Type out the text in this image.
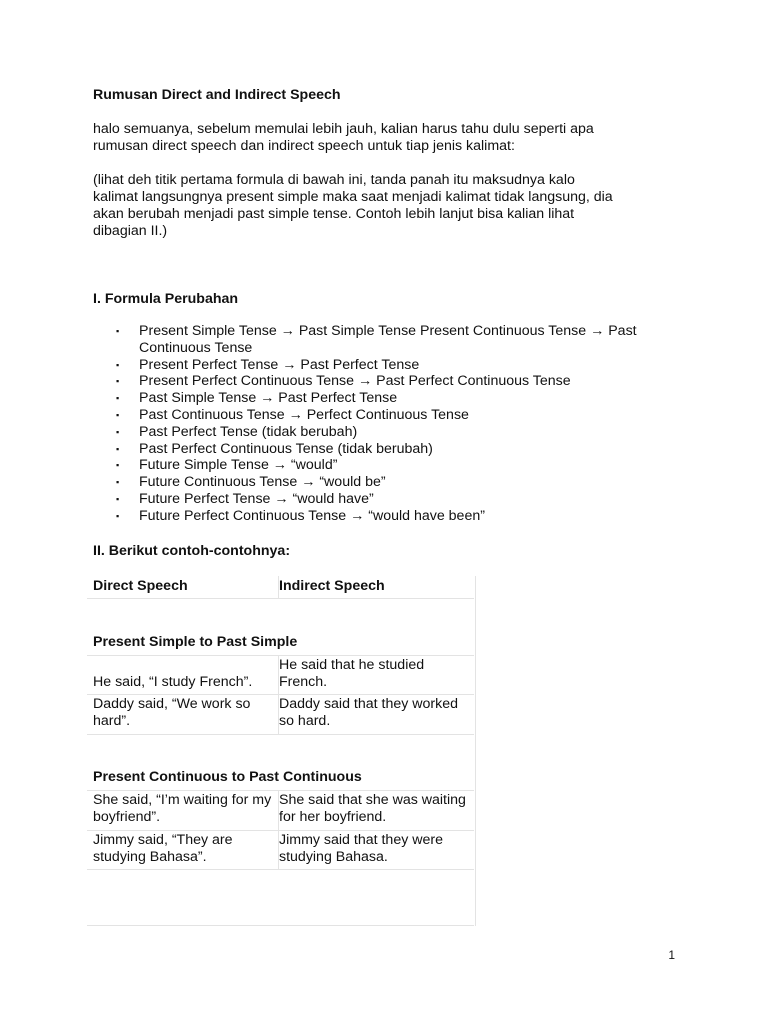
Rumusan Direct and Indirect Speech
halo semuanya, sebelum memulai lebih jauh, kalian harus tahu dulu seperti apa
rumusan direct speech dan indirect speech untuk tiap jenis kalimat:
(lihat deh titik pertama formula di bawah ini, tanda panah itu maksudnya kalo
kalimat langsungnya present simple maka saat menjadi kalimat tidak langsung, dia
akan berubah menjadi past simple tense. Contoh lebih lanjut bisa kalian lihat
dibagian II.)
I. Formula Perubahan
▪ Present Simple Tense → Past Simple Tense Present Continuous Tense → Past Continuous Tense
▪ Present Perfect Tense → Past Perfect Tense
▪ Present Perfect Continuous Tense → Past Perfect Continuous Tense
▪ Past Simple Tense → Past Perfect Tense
▪ Past Continuous Tense → Perfect Continuous Tense
▪ Past Perfect Tense (tidak berubah)
▪ Past Perfect Continuous Tense (tidak berubah)
▪ Future Simple Tense → “would”
▪ Future Continuous Tense → “would be”
▪ Future Perfect Tense → “would have”
▪ Future Perfect Continuous Tense → “would have been”
II. Berikut contoh-contohnya:
Direct Speech	Indirect Speech
Present Simple to Past Simple
He said, “I study French”.
He said that he studied French.
Daddy said, “We work so hard”.
Daddy said that they worked so hard.
Present Continuous to Past Continuous
She said, “I’m waiting for my boyfriend”.
She said that she was waiting for her boyfriend.
Jimmy said, “They are studying Bahasa”.
Jimmy said that they were studying Bahasa.
1
